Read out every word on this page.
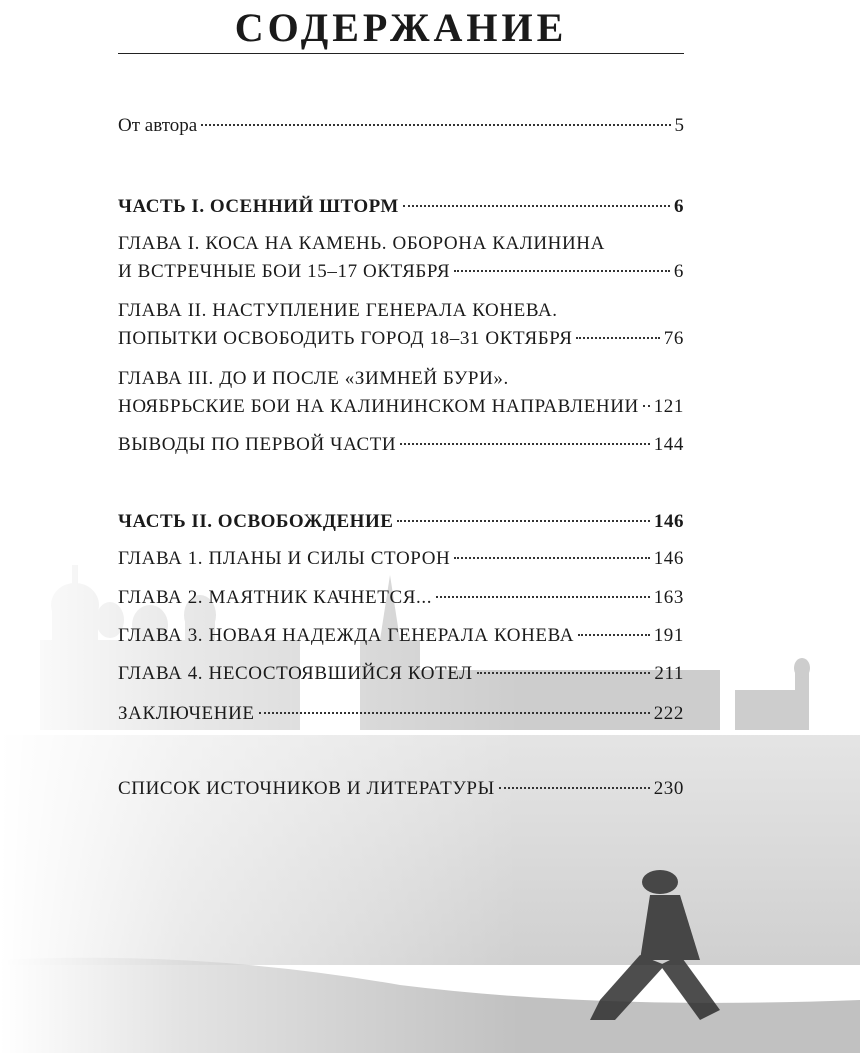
СОДЕРЖАНИЕ
От автора	5
ЧАСТЬ I. ОСЕННИЙ ШТОРМ	6
ГЛАВА I. КОСА НА КАМЕНЬ. ОБОРОНА КАЛИНИНА
И ВСТРЕЧНЫЕ БОИ 15–17 ОКТЯБРЯ	6
ГЛАВА II. НАСТУПЛЕНИЕ ГЕНЕРАЛА КОНЕВА.
ПОПЫТКИ ОСВОБОДИТЬ ГОРОД 18–31 ОКТЯБРЯ	76
ГЛАВА III. ДО И ПОСЛЕ «ЗИМНЕЙ БУРИ».
НОЯБРЬСКИЕ БОИ НА КАЛИНИНСКОМ НАПРАВЛЕНИИ 121
ВЫВОДЫ ПО ПЕРВОЙ ЧАСТИ	144
ЧАСТЬ II. ОСВОБОЖДЕНИЕ	146
ГЛАВА 1. ПЛАНЫ И СИЛЫ СТОРОН	146
ГЛАВА 2. МАЯТНИК КАЧНЕТСЯ...	163
ГЛАВА 3. НОВАЯ НАДЕЖДА ГЕНЕРАЛА КОНЕВА	191
ГЛАВА 4. НЕСОСТОЯВШИЙСЯ КОТЕЛ	211
ЗАКЛЮЧЕНИЕ	222
СПИСОК ИСТОЧНИКОВ И ЛИТЕРАТУРЫ	230
